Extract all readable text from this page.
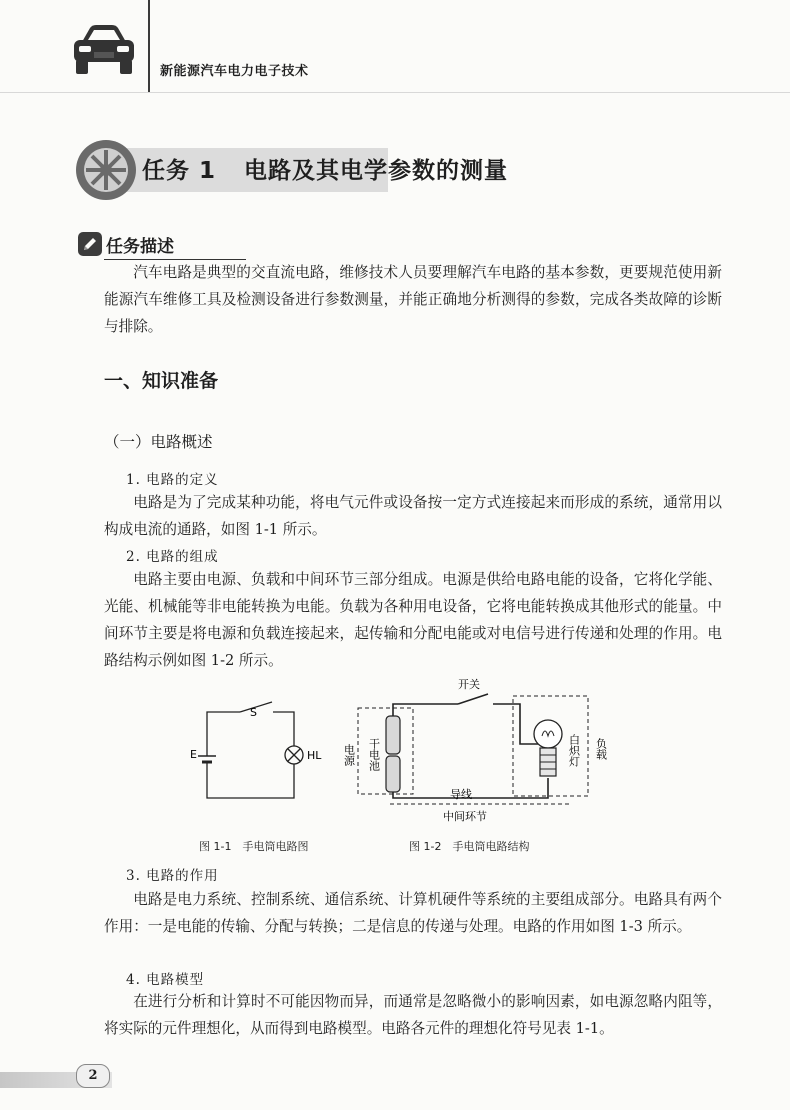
新能源汽车电力电子技术
任务 1 电路及其电学参数的测量
任务描述
汽车电路是典型的交直流电路，维修技术人员要理解汽车电路的基本参数，更要规范使用新能源汽车维修工具及检测设备进行参数测量，并能正确地分析测得的参数，完成各类故障的诊断与排除。
一、知识准备
（一）电路概述
1. 电路的定义
电路是为了完成某种功能，将电气元件或设备按一定方式连接起来而形成的系统，通常用以构成电流的通路，如图 1-1 所示。
2. 电路的组成
电路主要由电源、负载和中间环节三部分组成。电源是供给电路电能的设备，它将化学能、光能、机械能等非电能转换为电能。负载为各种用电设备，它将电能转换成其他形式的能量。中间环节主要是将电源和负载连接起来，起传输和分配电能或对电信号进行传递和处理的作用。电路结构示例如图 1-2 所示。
S
E	HL
图 1-1　手电筒电路图
开关
导线
中间环节
干电池
电源	白炽灯 负载
图 1-2　手电筒电路结构
3. 电路的作用
电路是电力系统、控制系统、通信系统、计算机硬件等系统的主要组成部分。电路具有两个作用：一是电能的传输、分配与转换；二是信息的传递与处理。电路的作用如图 1-3 所示。
4. 电路模型
在进行分析和计算时不可能因物而异，而通常是忽略微小的影响因素，如电源忽略内阻等，将实际的元件理想化，从而得到电路模型。电路各元件的理想化符号见表 1-1。
2
